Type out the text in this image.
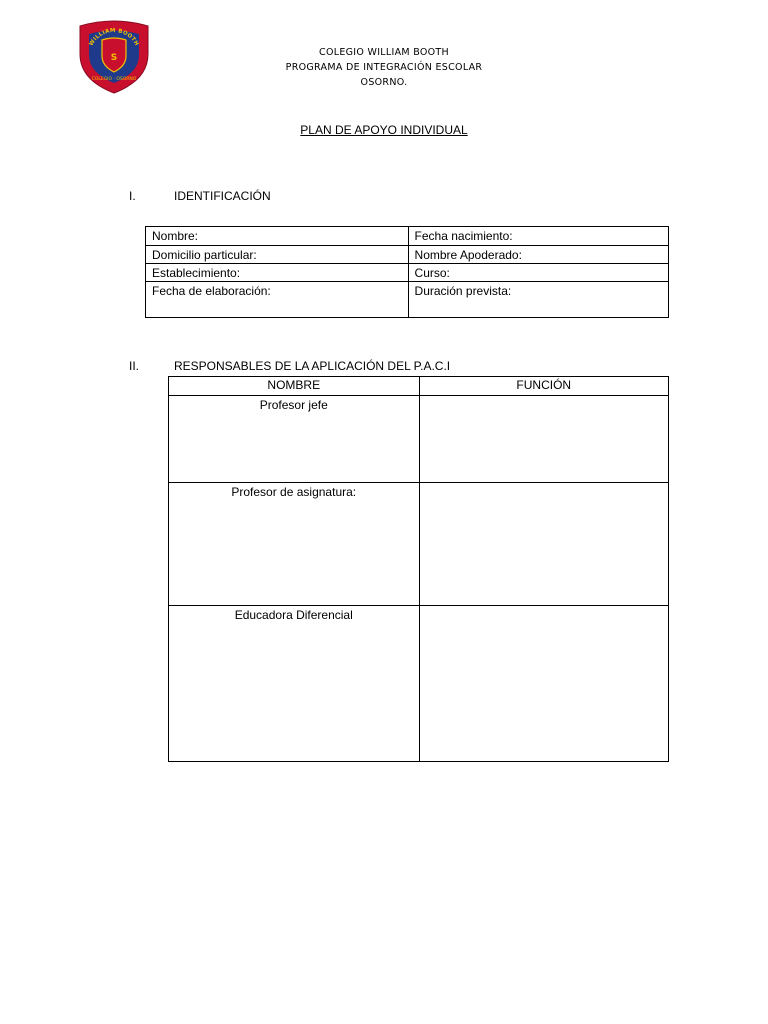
S
WILLIAM BOOTH
COLEGIO · OSORNO
COLEGIO WILLIAM BOOTH
PROGRAMA DE INTEGRACIÓN ESCOLAR
OSORNO.
PLAN DE APOYO INDIVIDUAL
I.	IDENTIFICACIÓN
Nombre:	Fecha nacimiento:
Domicilio particular:	Nombre Apoderado:
Establecimiento:	Curso:
Fecha de elaboración:	Duración prevista:
II.	RESPONSABLES DE LA APLICACIÓN DEL P.A.C.I
NOMBRE	FUNCIÓN
Profesor jefe	
Profesor de asignatura:	
Educadora Diferencial	
